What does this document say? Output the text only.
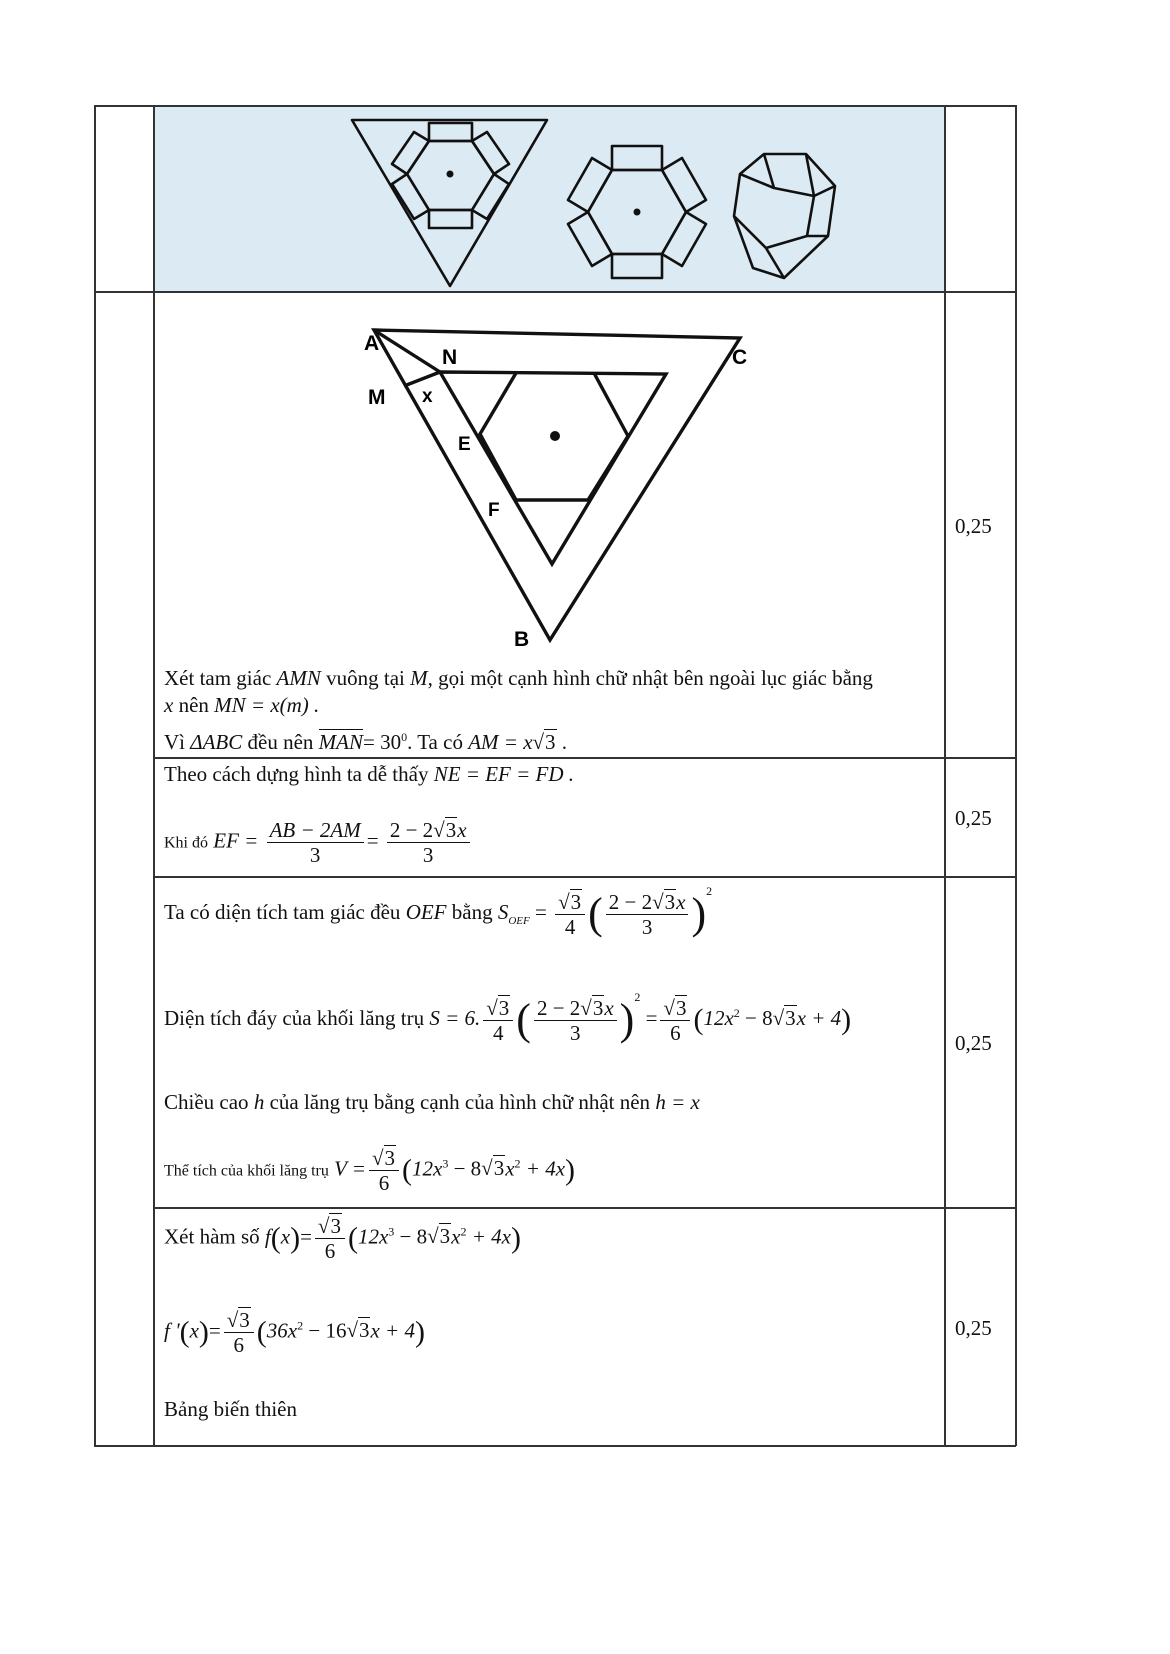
A
N	C
M x
E
F
B
Xét tam giác AMN vuông tại M, gọi một cạnh hình chữ nhật bên ngoài lục giác bằng
x nên MN = x(m) .
Vì ΔABC đều nên $MAN= 30^0$. Ta có AM = x√3 .
0,25
Theo cách dựng hình ta dễ thấy NE = EF = FD .
Khi đó EF = $\frac{AB - 2AM}{3} = \frac{2 - 2√3x}{3}$	0,25
Ta có diện tích tam giác đều OEF bằng $S_{OEF} = \frac{√3}{4}$ ( $\frac{2 - 2√3x}{3} )^2$
Diện tích đáy của khối lăng trụ S = 6. $\frac{√3}{4}$ ( $\frac{2 - 2√3x}{3} )^2 = \frac{√3}{6} (12x^2 - 8√3x + 4)$
Chiều cao h của lăng trụ bằng cạnh của hình chữ nhật nên h = x
Thể tích của khối lăng trụ $V = \frac{√3}{6} (12x^3 - 8√3x^2 + 4x)$
0,25
Xét hàm số $f(x)= \frac{√3}{6} (12x^3 - 8√3x^2 + 4x)$
f '$(x)= \frac{√3}{6} (36x^2 - 16√3x + 4)$
Bảng biến thiên
0,25
